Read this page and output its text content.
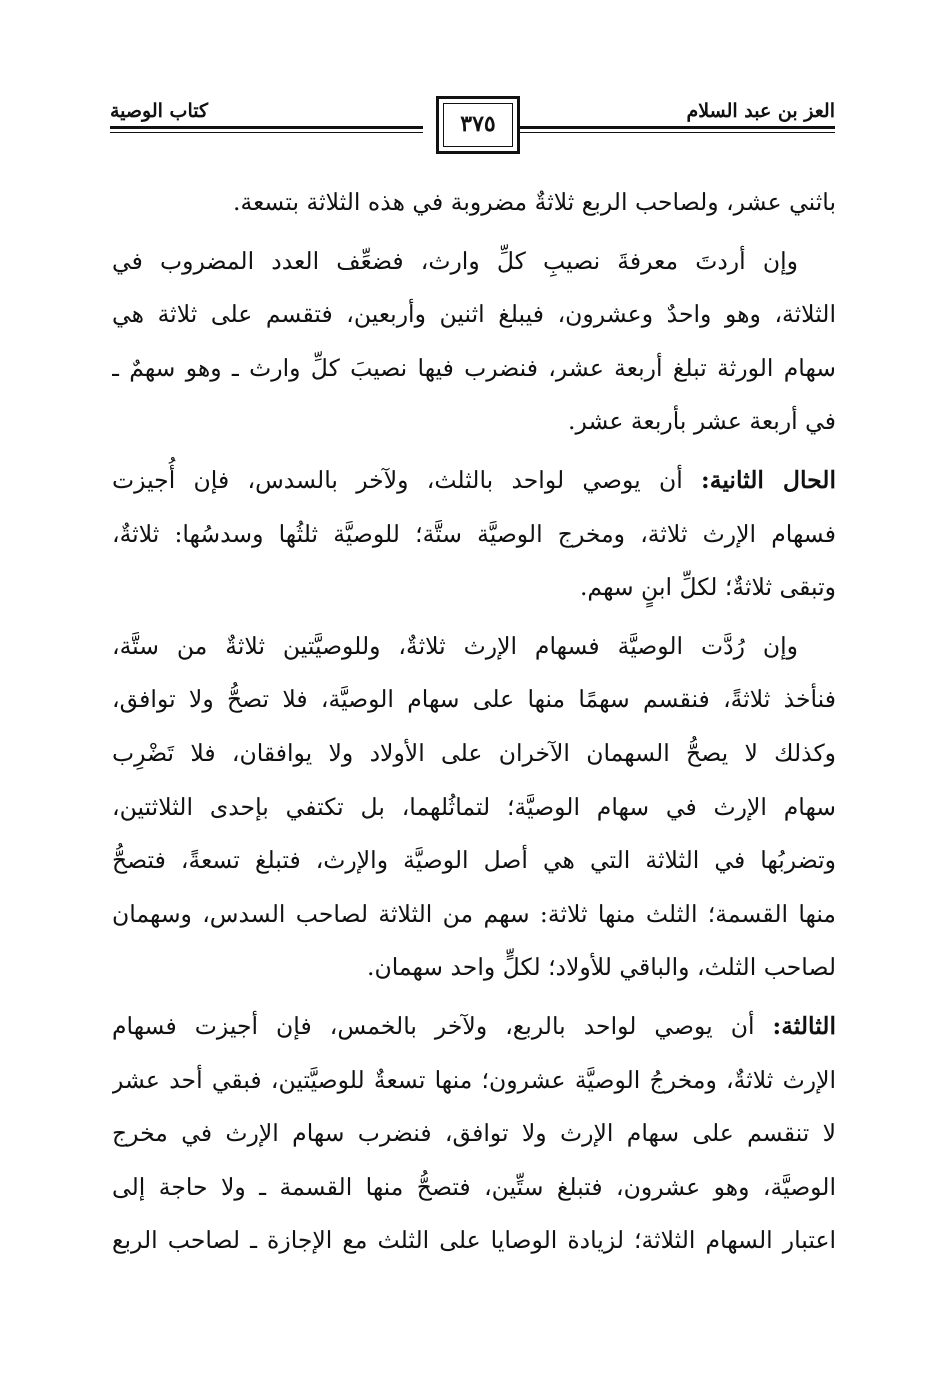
العز بن عبد السلام
كتاب الوصية	٣٧٥
باثني عشر، ولصاحب الربع ثلاثةٌ مضروبة في هذه الثلاثة بتسعة.
وإن أردتَ معرفةَ نصيبِ كلِّ وارث، فضعِّف العدد المضروب في
الثلاثة، وهو واحدٌ وعشرون، فيبلغ اثنين وأربعين، فتقسم على ثلاثة هي
سهام الورثة تبلغ أربعة عشر، فنضرب فيها نصيبَ كلِّ وارث ـ وهو سهمٌ ـ
في أربعة عشر بأربعة عشر.
الحال الثانية: أن يوصي لواحد بالثلث، ولآخر بالسدس، فإن أُجيزت
فسهام الإرث ثلاثة، ومخرج الوصيَّة ستَّة؛ للوصيَّة ثلثُها وسدسُها: ثلاثةٌ،
وتبقى ثلاثةٌ؛ لكلِّ ابنٍ سهم.
وإن رُدَّت الوصيَّة فسهام الإرث ثلاثةٌ، وللوصيَّتين ثلاثةٌ من ستَّة،
فنأخذ ثلاثةً، فنقسم سهمًا منها على سهام الوصيَّة، فلا تصحُّ ولا توافق،
وكذلك لا يصحُّ السهمان الآخران على الأولاد ولا يوافقان، فلا تَضْرِب
سهام الإرث في سهام الوصيَّة؛ لتماثُلهما، بل تكتفي بإحدى الثلاثتين،
وتضربُها في الثلاثة التي هي أصل الوصيَّة والإرث، فتبلغ تسعةً، فتصحُّ
منها القسمة؛ الثلث منها ثلاثة: سهم من الثلاثة لصاحب السدس، وسهمان
لصاحب الثلث، والباقي للأولاد؛ لكلٍّ واحد سهمان.
الثالثة: أن يوصي لواحد بالربع، ولآخر بالخمس، فإن أجيزت فسهام
الإرث ثلاثةٌ، ومخرجُ الوصيَّة عشرون؛ منها تسعةٌ للوصيَّتين، فبقي أحد عشر
لا تنقسم على سهام الإرث ولا توافق، فنضرب سهام الإرث في مخرج
الوصيَّة، وهو عشرون، فتبلغ ستِّين، فتصحُّ منها القسمة ـ ولا حاجة إلى
اعتبار السهام الثلاثة؛ لزيادة الوصايا على الثلث مع الإجازة ـ لصاحب الربع
